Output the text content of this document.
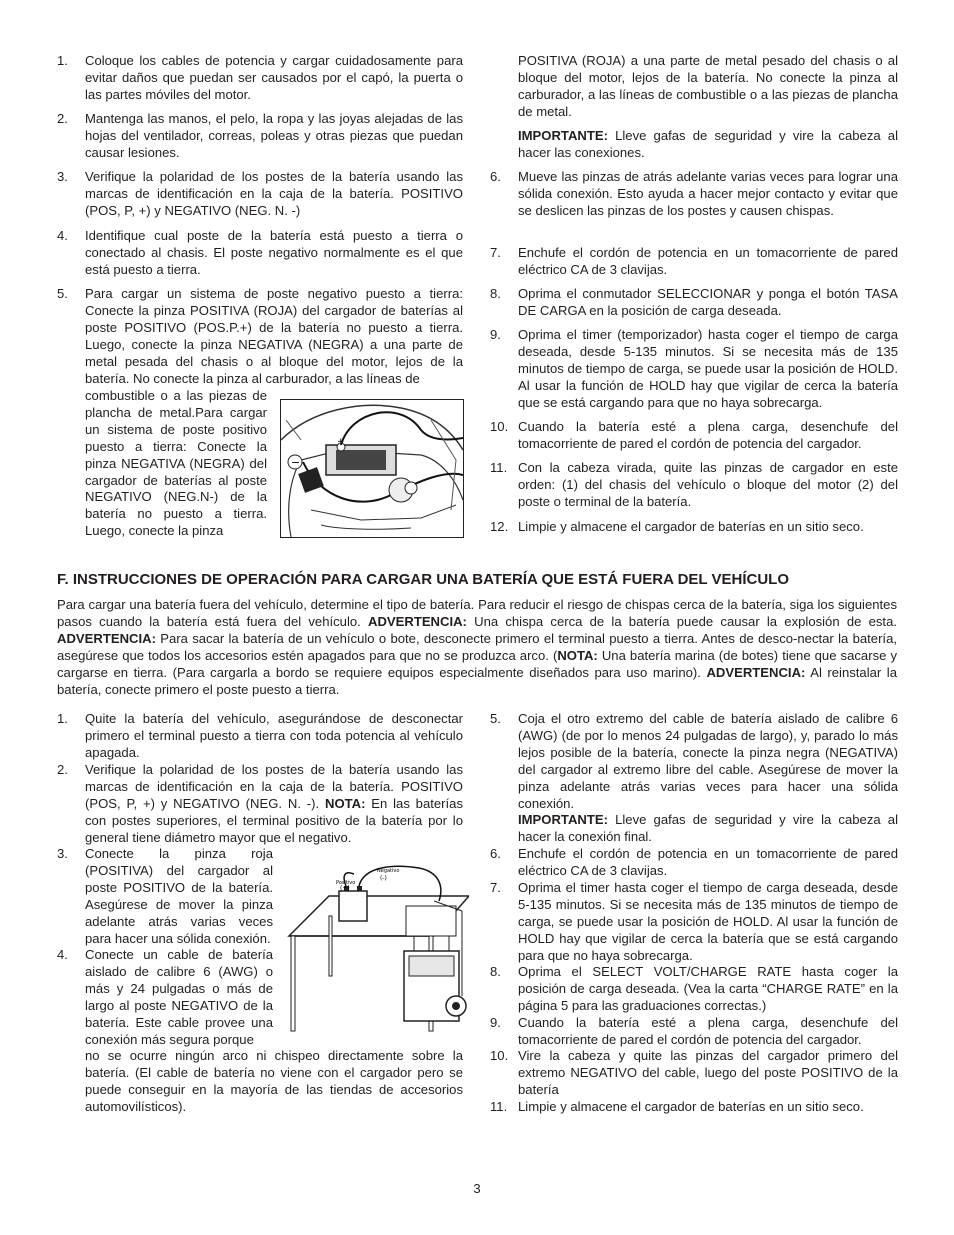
1.	Coloque los cables de potencia y cargar cuidadosamente para evitar daños que puedan ser causados por el capó, la puerta o las partes móviles del motor.
2.	Mantenga las manos, el pelo, la ropa y las joyas alejadas de las hojas del ventilador, correas, poleas y otras piezas que puedan causar lesiones.
3.	Verifique la polaridad de los postes de la batería usando las marcas de identificación en la caja de la batería. POSITIVO (POS, P, +) y NEGATIVO (NEG. N. -)
4.	Identifique cual poste de la batería está puesto a tierra o conectado al chasis. El poste negativo normalmente es el que está puesto a tierra.
5.	Para cargar un sistema de poste negativo puesto a tierra: Conecte la pinza POSITIVA (ROJA) del cargador de baterías al poste POSITIVO (POS.P.+) de la batería no puesto a tierra. Luego, conecte la pinza NEGATIVA (NEGRA) a una parte de metal pesada del chasis o al bloque del motor, lejos de la batería. No conecte la pinza al carburador, a las líneas de
combustible o a las piezas de plancha de metal.Para cargar un sistema de poste positivo puesto a tierra: Conecte la pinza NEGATIVA (NEGRA) del cargador de baterías al poste NEGATIVO (NEG.N-) de la batería no puesto a tierra. Luego, conecte la pinza
+
−
POSITIVA (ROJA) a una parte de metal pesado del chasis o al bloque del motor, lejos de la batería. No conecte la pinza al carburador, a las líneas de combustible o a las piezas de plancha de metal.
IMPORTANTE: Lleve gafas de seguridad y vire la cabeza al hacer las conexiones.
6.	Mueve las pinzas de atrás adelante varias veces para lograr una sólida conexión. Esto ayuda a hacer mejor contacto y evitar que se deslicen las pinzas de los postes y causen chispas.
7.	Enchufe el cordón de potencia en un tomacorriente de pared eléctrico CA de 3 clavijas.
8.	Oprima el conmutador SELECCIONAR y ponga el botón TASA DE CARGA en la posición de carga deseada.
9.	Oprima el timer (temporizador) hasta coger el tiempo de carga deseada, desde 5-135 minutos. Si se necesita más de 135 minutos de tiempo de carga, se puede usar la posición de HOLD. Al usar la función de HOLD hay que vigilar de cerca la batería que se está cargando para que no haya sobrecarga.
10. Cuando la batería esté a plena carga, desenchufe del tomacorriente de pared el cordón de potencia del cargador.
11. Con la cabeza virada, quite las pinzas de cargador en este orden: (1) del chasis del vehículo o bloque del motor (2) del poste o terminal de la batería.
12. Limpie y almacene el cargador de baterías en un sitio seco.
F. INSTRUCCIONES DE OPERACIÓN PARA CARGAR UNA BATERÍA QUE ESTÁ FUERA DEL VEHÍCULO
Para cargar una batería fuera del vehículo, determine el tipo de batería. Para reducir el riesgo de chispas cerca de la batería, siga los siguientes pasos cuando la batería está fuera del vehículo. ADVERTENCIA: Una chispa cerca de la batería puede causar la explosión de esta. ADVERTENCIA: Para sacar la batería de un vehículo o bote, desconecte primero el terminal puesto a tierra. Antes de desco-nectar la batería, asegúrese que todos los accesorios estén apagados para que no se produzca arco. (NOTA: Una batería marina (de botes) tiene que sacarse y cargarse en tierra. (Para cargarla a bordo se requiere equipos especialmente diseñados para uso marino). ADVERTENCIA: Al reinstalar la batería, conecte primero el poste puesto a tierra.
1.	Quite la batería del vehículo, asegurándose de desconectar primero el terminal puesto a tierra con toda potencia al vehículo apagada.
2.	Verifique la polaridad de los postes de la batería usando las marcas de identificación en la caja de la batería. POSITIVO (POS, P, +) y NEGATIVO (NEG. N. -). NOTA: En las baterías con postes superiores, el terminal positivo de la batería por lo general tiene diámetro mayor que el negativo.
3.	Conecte la pinza roja (POSITIVA) del cargador al poste POSITIVO de la batería. Asegúrese de mover la pinza adelante atrás varias veces para hacer una sólida conexión.
4.	Conecte un cable de batería aislado de calibre 6 (AWG) o más y 24 pulgadas o más de largo al poste NEGATIVO de la batería. Este cable provee una conexión más segura porque
no se ocurre ningún arco ni chispeo directamente sobre la batería. (El cable de batería no viene con el cargador pero se puede conseguir en la mayoría de las tiendas de accesorios automovilísticos).
Negativo
(-)
Positivo
(+)
5.	Coja el otro extremo del cable de batería aislado de calibre 6 (AWG) (de por lo menos 24 pulgadas de largo), y, parado lo más lejos posible de la batería, conecte la pinza negra (NEGATIVA) del cargador al extremo libre del cable. Asegúrese de mover la pinza adelante atrás varias veces para hacer una sólida conexión.
IMPORTANTE: Lleve gafas de seguridad y vire la cabeza al hacer la conexión final.
6.	Enchufe el cordón de potencia en un tomacorriente de pared eléctrico CA de 3 clavijas.
7.	Oprima el timer hasta coger el tiempo de carga deseada, desde 5-135 minutos. Si se necesita más de 135 minutos de tiempo de carga, se puede usar la posición de HOLD. Al usar la función de HOLD hay que vigilar de cerca la batería que se está cargando para que no haya sobrecarga.
8.	Oprima el SELECT VOLT/CHARGE RATE hasta coger la posición de carga deseada. (Vea la carta “CHARGE RATE” en la página 5 para las graduaciones correctas.)
9.	Cuando la batería esté a plena carga, desenchufe del tomacorriente de pared el cordón de potencia del cargador.
10. Vire la cabeza y quite las pinzas del cargador primero del extremo NEGATIVO del cable, luego del poste POSITIVO de la batería
11. Limpie y almacene el cargador de baterías en un sitio seco.
3
